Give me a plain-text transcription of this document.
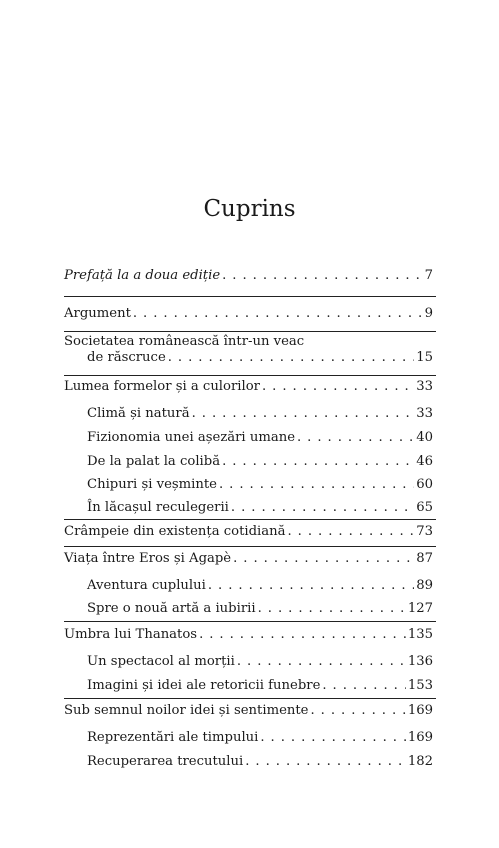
Cuprins
Prefață la a doua ediție . . .	7
Argument . . .	9
Societatea românească într-un veac
de răscruce . . .	15
Lumea formelor și a culorilor . . .	33
Climă și natură . . .	33
Fizionomia unei așezări umane . . .	40
De la palat la colibă . . .	46
Chipuri și veșminte . . .	60
În lăcașul reculegerii . . .	65
Crâmpeie din existența cotidiană . . .	73
Viața între Eros și Agapè . . .	87
Aventura cuplului . . .	89
Spre o nouă artă a iubirii . . .	127
Umbra lui Thanatos . . .	135
Un spectacol al morții . . .	136
Imagini și idei ale retoricii funebre . . .	153
Sub semnul noilor idei și sentimente . . .	169
Reprezentări ale timpului . . .	169
Recuperarea trecutului . . .	182
